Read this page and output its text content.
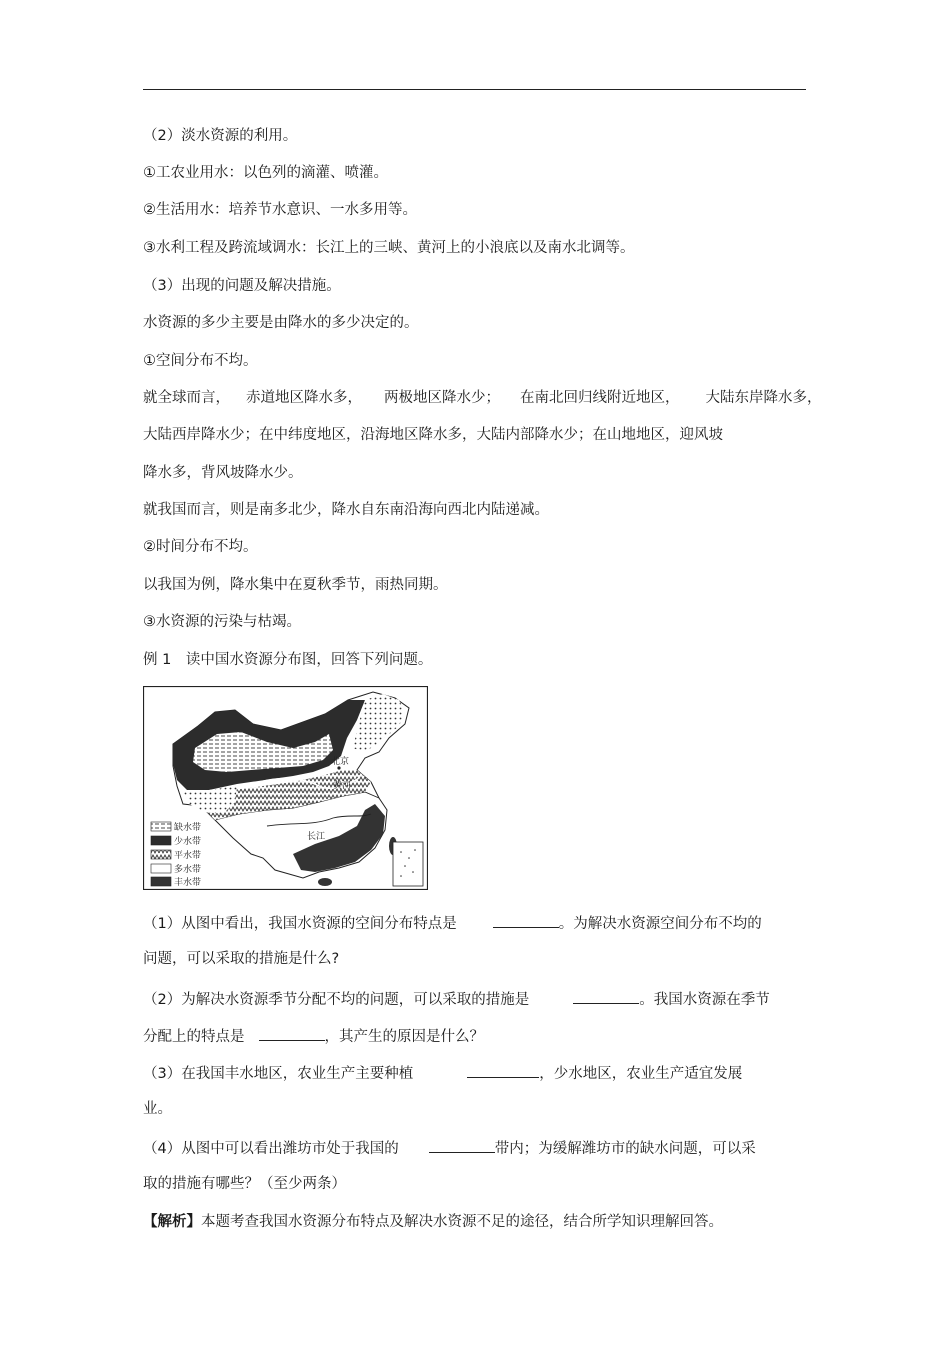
（2）淡水资源的利用。
①工农业用水：以色列的滴灌、喷灌。
②生活用水：培养节水意识、一水多用等。
③水利工程及跨流域调水：长江上的三峡、黄河上的小浪底以及南水北调等。
（3）出现的问题及解决措施。
水资源的多少主要是由降水的多少决定的。
①空间分布不均。
就全球而言， 赤道地区降水多， 两极地区降水少； 在南北回归线附近地区， 大陆东岸降水多，
大陆西岸降水少；在中纬度地区，沿海地区降水多，大陆内部降水少；在山地地区，迎风坡
降水多，背风坡降水少。
就我国而言，则是南多北少，降水自东南沿海向西北内陆递减。
②时间分布不均。
以我国为例，降水集中在夏秋季节，雨热同期。
③水资源的污染与枯竭。
例 1　读中国水资源分布图，回答下列问题。
北京
黄河
长江
缺水带
少水带
平水带
多水带
丰水带
（1）从图中看出，我国水资源的空间分布特点是	。为解决水资源空间分布不均的
问题，可以采取的措施是什么?
（2）为解决水资源季节分配不均的问题，可以采取的措施是	。我国水资源在季节
分配上的特点是	，其产生的原因是什么？
（3）在我国丰水地区，农业生产主要种植	，少水地区，农业生产适宜发展
业。
（4）从图中可以看出潍坊市处于我国的	带内；为缓解潍坊市的缺水问题，可以采
取的措施有哪些？（至少两条）
【解析】本题考查我国水资源分布特点及解决水资源不足的途径，结合所学知识理解回答。
